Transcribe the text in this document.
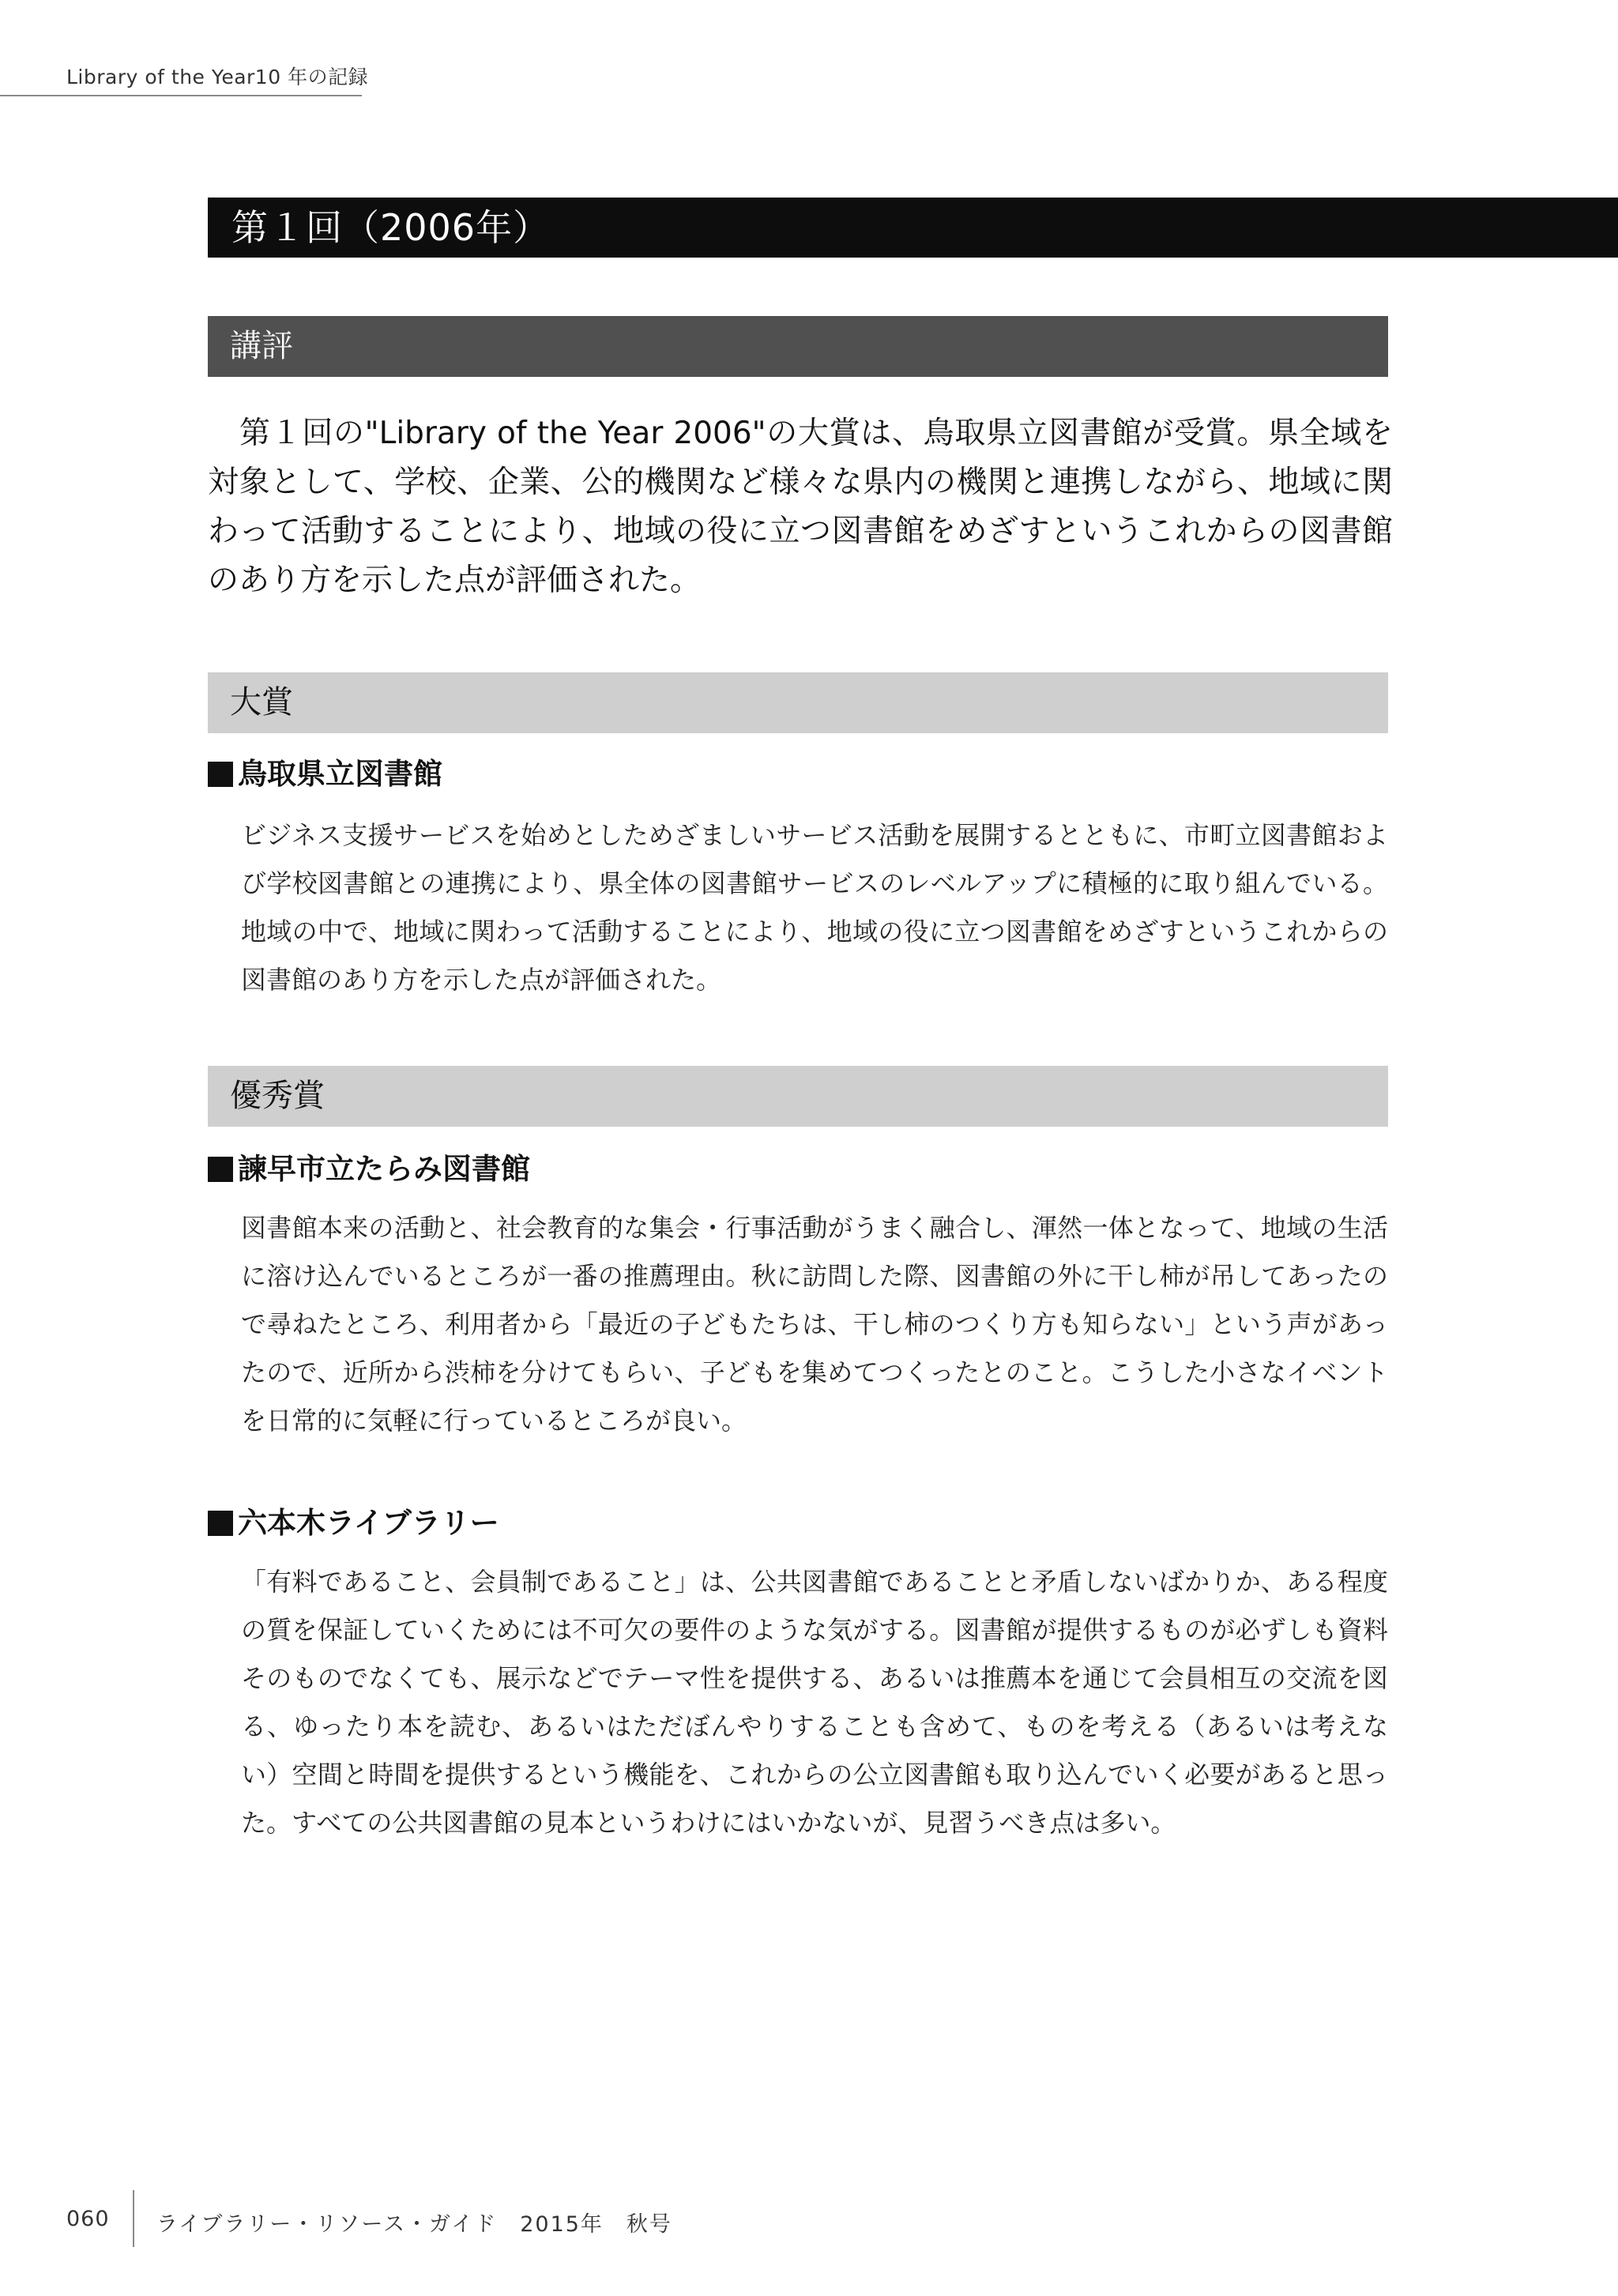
Library of the Year10 年の記録
第１回（2006年）
講評
第１回の"Library of the Year 2006"の大賞は、鳥取県立図書館が受賞。県全域を対象として、学校、企業、公的機関など様々な県内の機関と連携しながら、地域に関わって活動することにより、地域の役に立つ図書館をめざすというこれからの図書館のあり方を示した点が評価された。
大賞
鳥取県立図書館
ビジネス支援サービスを始めとしためざましいサービス活動を展開するとともに、市町立図書館および学校図書館との連携により、県全体の図書館サービスのレベルアップに積極的に取り組んでいる。地域の中で、地域に関わって活動することにより、地域の役に立つ図書館をめざすというこれからの図書館のあり方を示した点が評価された。
優秀賞
諫早市立たらみ図書館
図書館本来の活動と、社会教育的な集会・行事活動がうまく融合し、渾然一体となって、地域の生活に溶け込んでいるところが一番の推薦理由。秋に訪問した際、図書館の外に干し柿が吊してあったので尋ねたところ、利用者から「最近の子どもたちは、干し柿のつくり方も知らない」という声があったので、近所から渋柿を分けてもらい、子どもを集めてつくったとのこと。こうした小さなイベントを日常的に気軽に行っているところが良い。
六本木ライブラリー
「有料であること、会員制であること」は、公共図書館であることと矛盾しないばかりか、ある程度の質を保証していくためには不可欠の要件のような気がする。図書館が提供するものが必ずしも資料そのものでなくても、展示などでテーマ性を提供する、あるいは推薦本を通じて会員相互の交流を図る、ゆったり本を読む、あるいはただぼんやりすることも含めて、ものを考える（あるいは考えない）空間と時間を提供するという機能を、これからの公立図書館も取り込んでいく必要があると思った。すべての公共図書館の見本というわけにはいかないが、見習うべき点は多い。
060 ライブラリー・リソース・ガイド　2015年　秋号
